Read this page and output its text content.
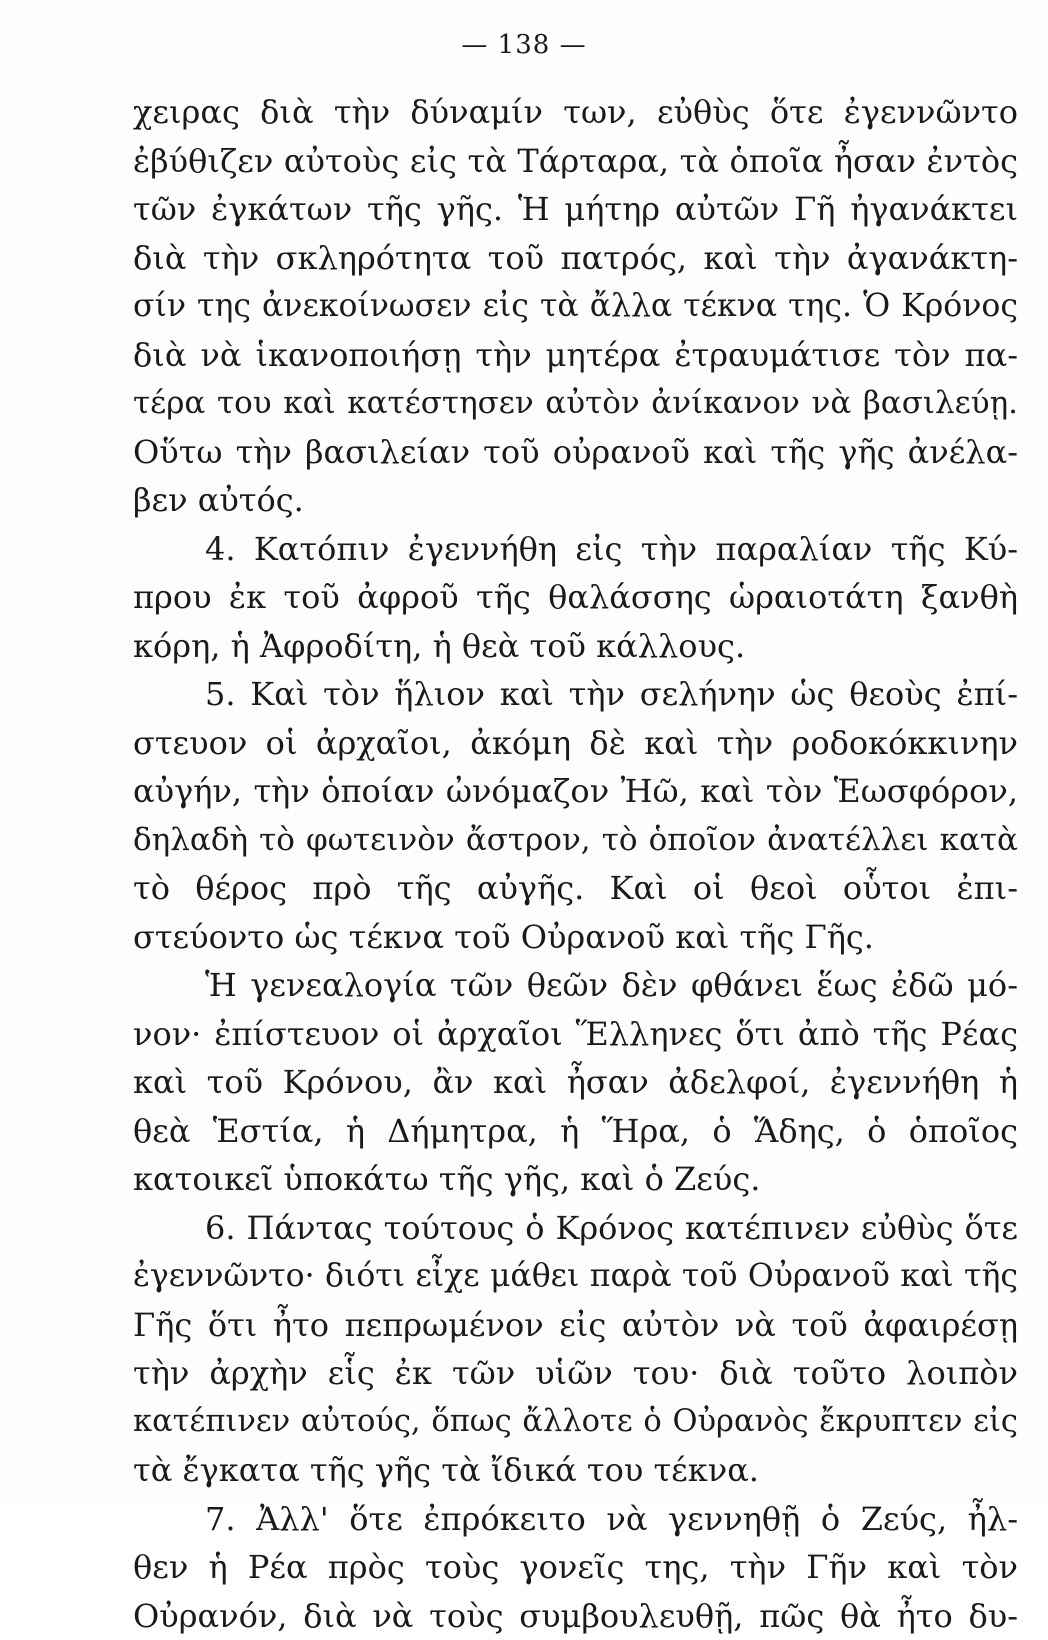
— 138 —
χειρας διὰ τὴν δύναμίν των, εὐθὺς ὅτε ἐγεννῶντο
ἐβύθιζεν αὐτοὺς εἰς τὰ Τάρταρα, τὰ ὁποῖα ἦσαν ἐντὸς
τῶν ἐγκάτων τῆς γῆς. Ἡ μήτηρ αὐτῶν Γῆ ἠγανάκτει
διὰ τὴν σκληρότητα τοῦ πατρός, καὶ τὴν ἀγανάκτη-
σίν της ἀνεκοίνωσεν εἰς τὰ ἄλλα τέκνα της. Ὁ Κρόνος
διὰ νὰ ἱκανοποιήσῃ τὴν μητέρα ἐτραυμάτισε τὸν πα-
τέρα του καὶ κατέστησεν αὐτὸν ἀνίκανον νὰ βασιλεύῃ.
Οὕτω τὴν βασιλείαν τοῦ οὐρανοῦ καὶ τῆς γῆς ἀνέλα-
βεν αὐτός.
4. Κατόπιν ἐγεννήθη εἰς τὴν παραλίαν τῆς Κύ-
πρου ἐκ τοῦ ἀφροῦ τῆς θαλάσσης ὡραιοτάτη ξανθὴ
κόρη, ἡ Ἀφροδίτη, ἡ θεὰ τοῦ κάλλους.
5. Καὶ τὸν ἥλιον καὶ τὴν σελήνην ὡς θεοὺς ἐπί-
στευον οἱ ἀρχαῖοι, ἀκόμη δὲ καὶ τὴν ροδοκόκκινην
αὐγήν, τὴν ὁποίαν ὠνόμαζον Ἠῶ, καὶ τὸν Ἑωσφόρον,
δηλαδὴ τὸ φωτεινὸν ἄστρον, τὸ ὁποῖον ἀνατέλλει κατὰ
τὸ θέρος πρὸ τῆς αὐγῆς. Καὶ οἱ θεοὶ οὗτοι ἐπι-
στεύοντο ὡς τέκνα τοῦ Οὐρανοῦ καὶ τῆς Γῆς.
Ἡ γενεαλογία τῶν θεῶν δὲν φθάνει ἕως ἐδῶ μό-
νον· ἐπίστευον οἱ ἀρχαῖοι Ἕλληνες ὅτι ἀπὸ τῆς Ρέας
καὶ τοῦ Κρόνου, ἂν καὶ ἦσαν ἀδελφοί, ἐγεννήθη ἡ
θεὰ Ἑστία, ἡ Δήμητρα, ἡ Ἥρα, ὁ Ἅδης, ὁ ὁποῖος
κατοικεῖ ὑποκάτω τῆς γῆς, καὶ ὁ Ζεύς.
6. Πάντας τούτους ὁ Κρόνος κατέπινεν εὐθὺς ὅτε
ἐγεννῶντο· διότι εἶχε μάθει παρὰ τοῦ Οὐρανοῦ καὶ τῆς
Γῆς ὅτι ἦτο πεπρωμένον εἰς αὐτὸν νὰ τοῦ ἀφαιρέσῃ
τὴν ἀρχὴν εἷς ἐκ τῶν υἱῶν του· διὰ τοῦτο λοιπὸν
κατέπινεν αὐτούς, ὅπως ἄλλοτε ὁ Οὐρανὸς ἔκρυπτεν εἰς
τὰ ἔγκατα τῆς γῆς τὰ ἴδικά του τέκνα.
7. Ἀλλ' ὅτε ἐπρόκειτο νὰ γεννηθῇ ὁ Ζεύς, ἦλ-
θεν ἡ Ρέα πρὸς τοὺς γονεῖς της, τὴν Γῆν καὶ τὸν
Οὐρανόν, διὰ νὰ τοὺς συμβουλευθῇ, πῶς θὰ ἦτο δυ-
